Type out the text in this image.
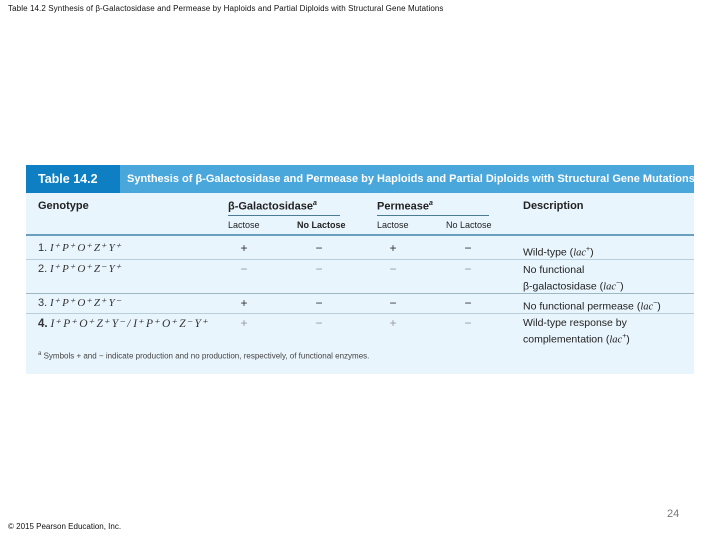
Table 14.2 Synthesis of β-Galactosidase and Permease by Haploids and Partial Diploids with Structural Gene Mutations
Table 14.2	Synthesis of β-Galactosidase and Permease by Haploids and Partial Diploids with Structural Gene Mutations
Genotype	β-Galactosidase$^a$	Permease$^a$	Description
Lactose	No Lactose	Lactose	No Lactose
1. I⁺ P⁺ O⁺ Z⁺ Y⁺	+	−	+	−	Wild-type (lac+)
2. I⁺ P⁺ O⁺ Z⁻ Y⁺	−	−	−	−	No functional
β-galactosidase (lac−)
3. I⁺ P⁺ O⁺ Z⁺ Y⁻	+	−	−	−	No functional permease (lac−)
4. I⁺ P⁺ O⁺ Z⁺ Y⁻ / I⁺ P⁺ O⁺ Z⁻ Y⁺	+	−	+	−	Wild-type response by
complementation (lac+)
$^a$ Symbols + and − indicate production and no production, respectively, of functional enzymes.
© 2015 Pearson Education, Inc.
24
